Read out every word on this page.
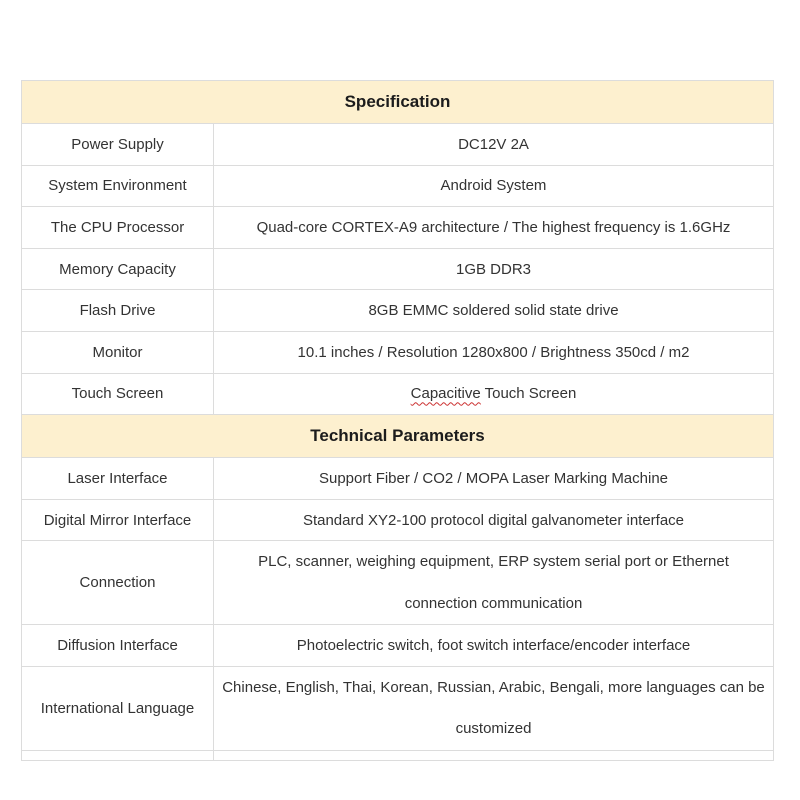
Specification	
Power Supply	DC12V 2A
System Environment	Android System
The CPU Processor	Quad-core CORTEX-A9 architecture / The highest frequency is 1.6GHz
Memory Capacity	1GB DDR3
Flash Drive	8GB EMMC soldered solid state drive
Monitor	10.1 inches / Resolution 1280x800 / Brightness 350cd / m2
Touch Screen	Capacitive Touch Screen
Technical Parameters	
Laser Interface	Support Fiber / CO2 / MOPA Laser Marking Machine
Digital Mirror Interface	Standard XY2-100 protocol digital galvanometer interface
Connection	PLC, scanner, weighing equipment, ERP system serial port or Ethernet connection communication
Diffusion Interface	Photoelectric switch, foot switch interface/encoder interface
International Language	Chinese, English, Thai, Korean, Russian, Arabic, Bengali, more languages can be customized
